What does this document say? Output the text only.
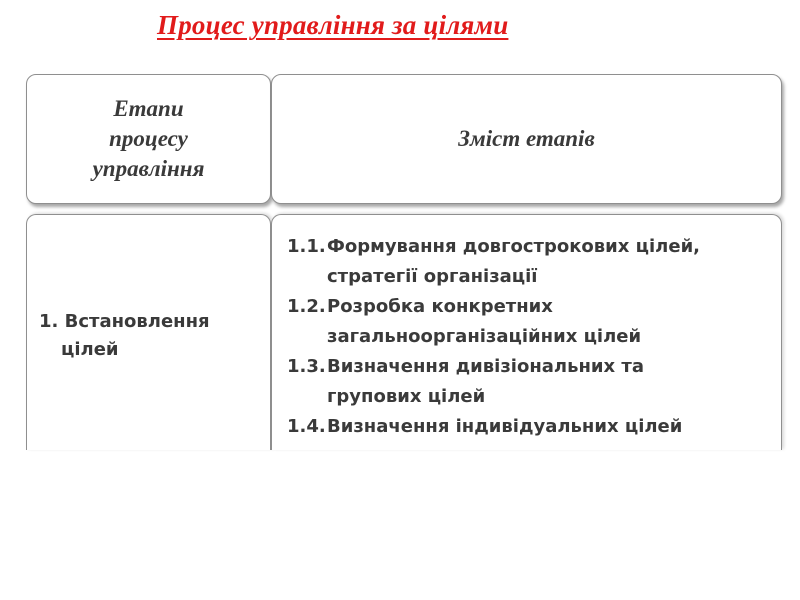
Процес управління за цілями
Етапи
процесу
управління
Зміст етапів
1. Встановлення
цілей
1.1. Формування довгострокових цілей,
стратегії організації
1.2. Розробка конкретних
загальноорганізаційних цілей
1.3. Визначення дивізіональних та
групових цілей
1.4. Визначення індивідуальних цілей
